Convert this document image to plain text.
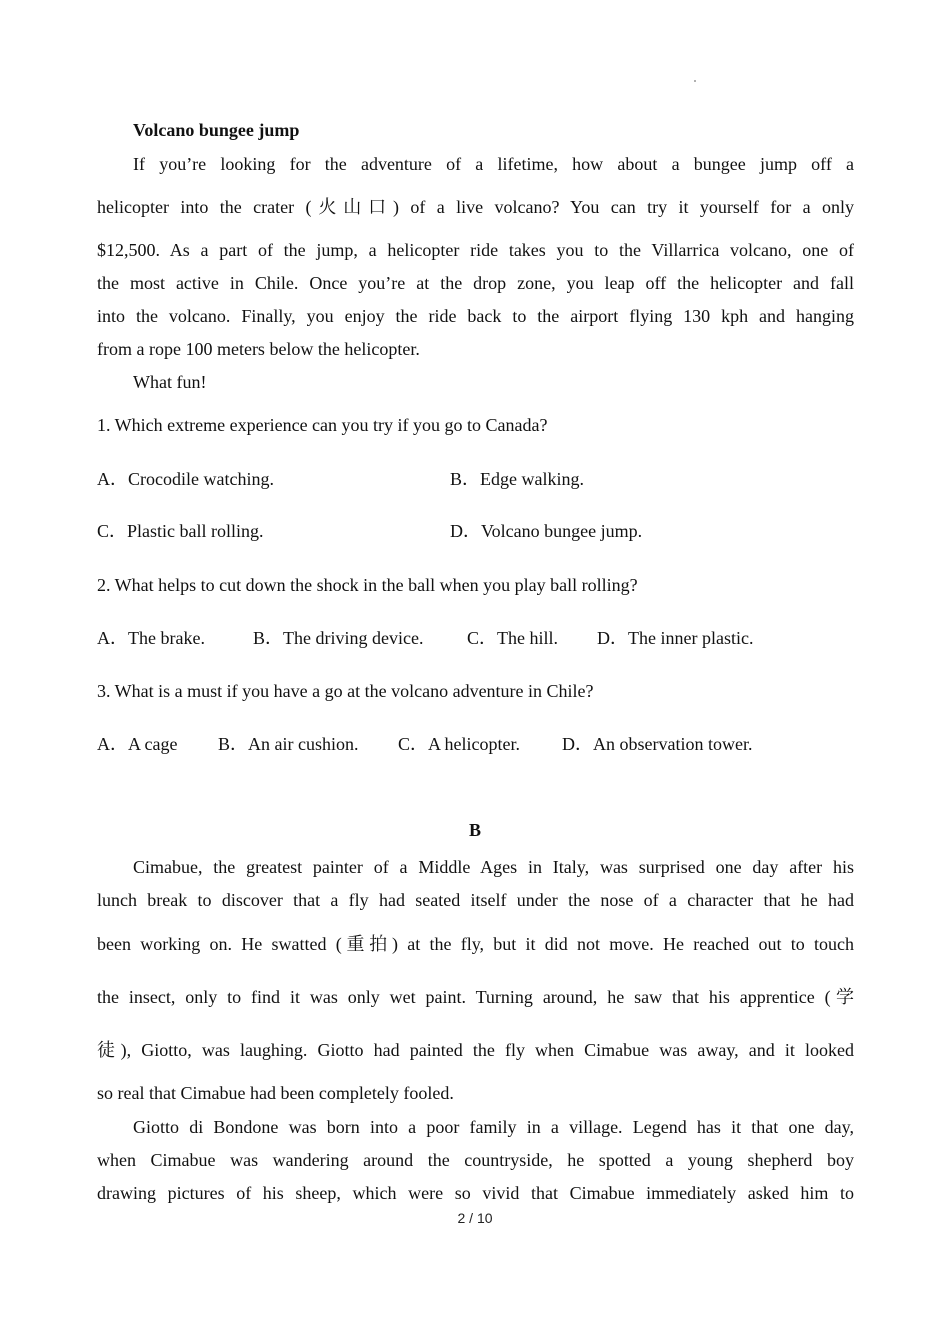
Volcano bungee jump
If you’re looking for the adventure of a lifetime, how about a bungee jump off a
helicopter into the crater (火山口) of a live volcano? You can try it yourself for a only
$12,500. As a part of the jump, a helicopter ride takes you to the Villarrica volcano, one of
the most active in Chile. Once you’re at the drop zone, you leap off the helicopter and fall
into the volcano. Finally, you enjoy the ride back to the airport flying 130 kph and hanging
from a rope 100 meters below the helicopter.
What fun!
1. Which extreme experience can you try if you go to Canada?
A．Crocodile watching.	B．Edge walking.
C．Plastic ball rolling.	D．Volcano bungee jump.
2. What helps to cut down the shock in the ball when you play ball rolling?
A．The brake.	B．The driving device. C．The hill. D．The inner plastic.
3. What is a must if you have a go at the volcano adventure in Chile?
A．A cage B．An air cushion. C．A helicopter. D．An observation tower.
B
Cimabue, the greatest painter of a Middle Ages in Italy, was surprised one day after his
lunch break to discover that a fly had seated itself under the nose of a character that he had
been working on. He swatted (重拍) at the fly, but it did not move. He reached out to touch
the insect, only to find it was only wet paint. Turning around, he saw that his apprentice (学
徒), Giotto, was laughing. Giotto had painted the fly when Cimabue was away, and it looked
so real that Cimabue had been completely fooled.
Giotto di Bondone was born into a poor family in a village. Legend has it that one day,
when Cimabue was wandering around the countryside, he spotted a young shepherd boy
drawing pictures of his sheep, which were so vivid that Cimabue immediately asked him to
2 / 10
